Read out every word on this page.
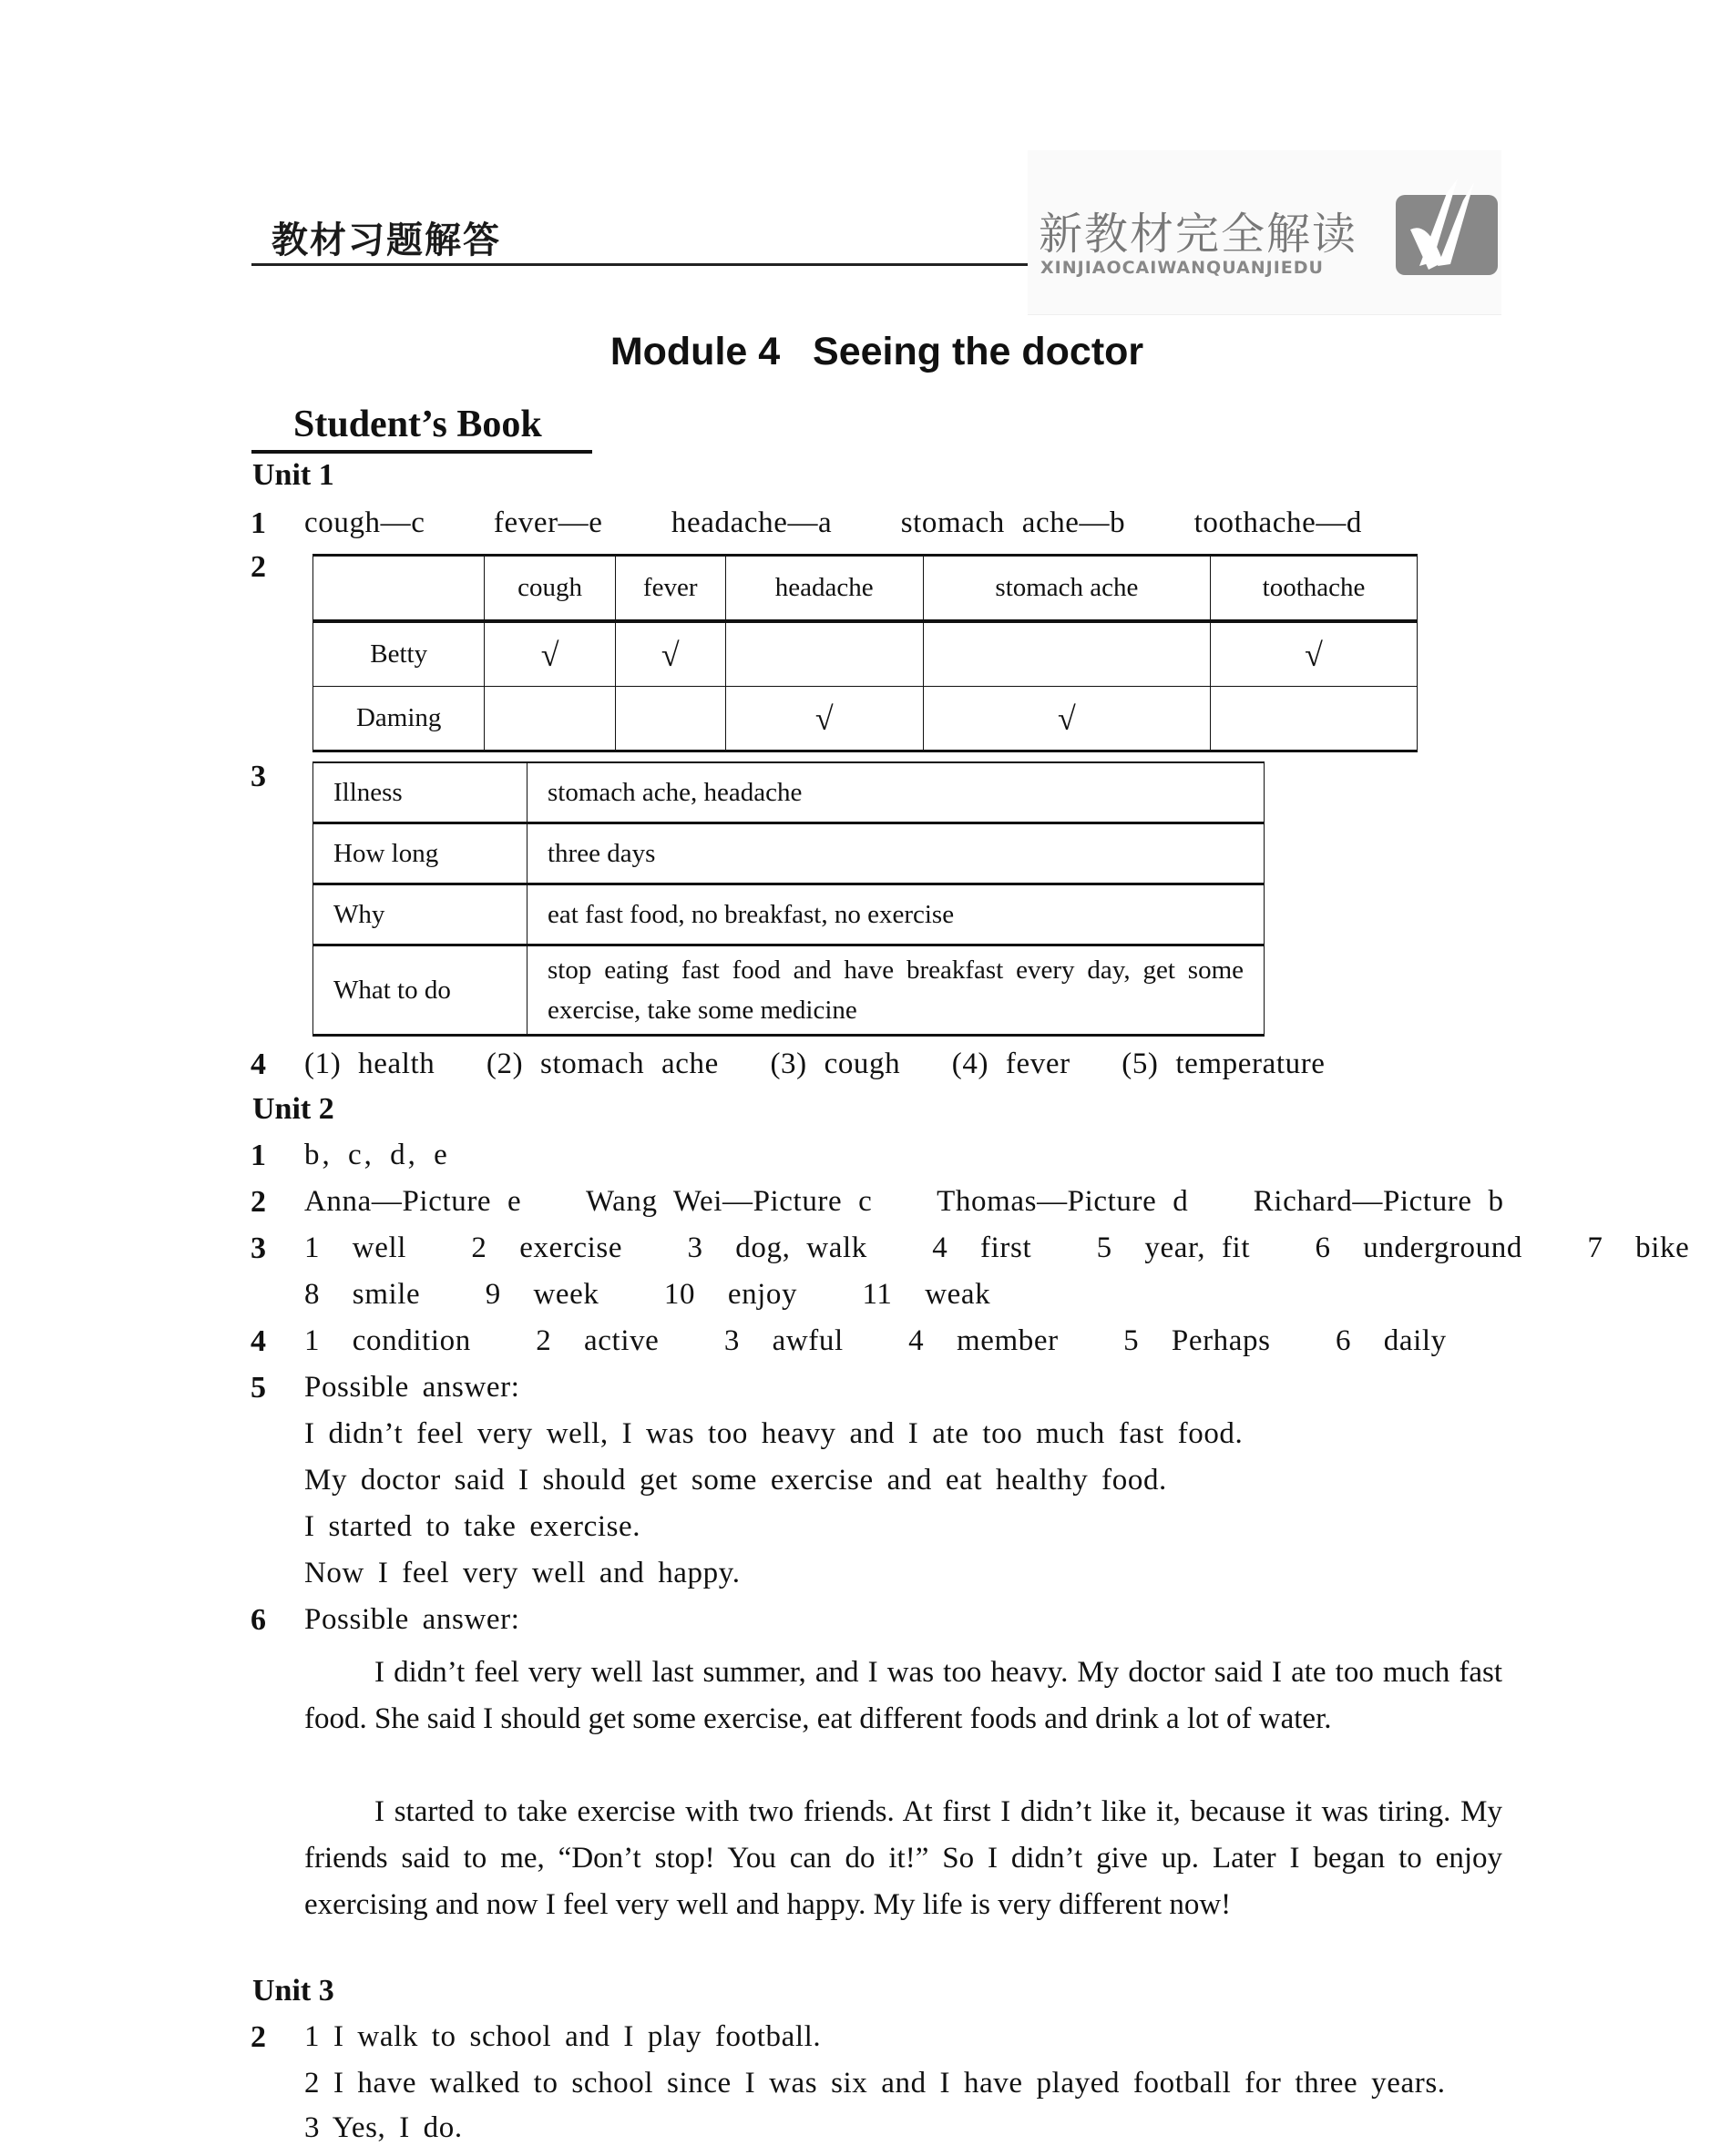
教材习题解答	新教材完全解读
XINJIAOCAIWANQUANJIEDU
Module 4   Seeing the doctor
Student’s Book
Unit 1
1 cough—c    fever—e    headache—a    stomach ache—b    toothache—d
2
	cough	fever	headache	stomach ache	toothache
Betty	√	√			√
Daming			√	√	
3	Illness	stomach ache, headache
How long	three days
Why	eat fast food, no breakfast, no exercise
What to do	stop eating fast food and have breakfast every day, get some exercise, take some medicine
4 (1) health   (2) stomach ache   (3) cough   (4) fever   (5) temperature
Unit 2
1 b, c, d, e
2 Anna—Picture e    Wang Wei—Picture c    Thomas—Picture d    Richard—Picture b
3 1  well    2  exercise    3  dog, walk    4  first    5  year, fit    6  underground    7  bike
8  smile    9  week    10  enjoy    11  weak
4 1  condition    2  active    3  awful    4  member    5  Perhaps    6  daily
5 Possible answer:
I didn’t feel very well, I was too heavy and I ate too much fast food.
My doctor said I should get some exercise and eat healthy food.
I started to take exercise.
Now I feel very well and happy.
6 Possible answer:
I didn’t feel very well last summer, and I was too heavy. My doctor said I ate too much fast food. She said I should get some exercise, eat different foods and drink a lot of water.
I started to take exercise with two friends. At first I didn’t like it, because it was tiring. My friends said to me, “Don’t stop! You can do it!” So I didn’t give up. Later I began to enjoy exercising and now I feel very well and happy. My life is very different now!
Unit 3
2 1 I walk to school and I play football.
2 I have walked to school since I was six and I have played football for three years.
3 Yes, I do.
